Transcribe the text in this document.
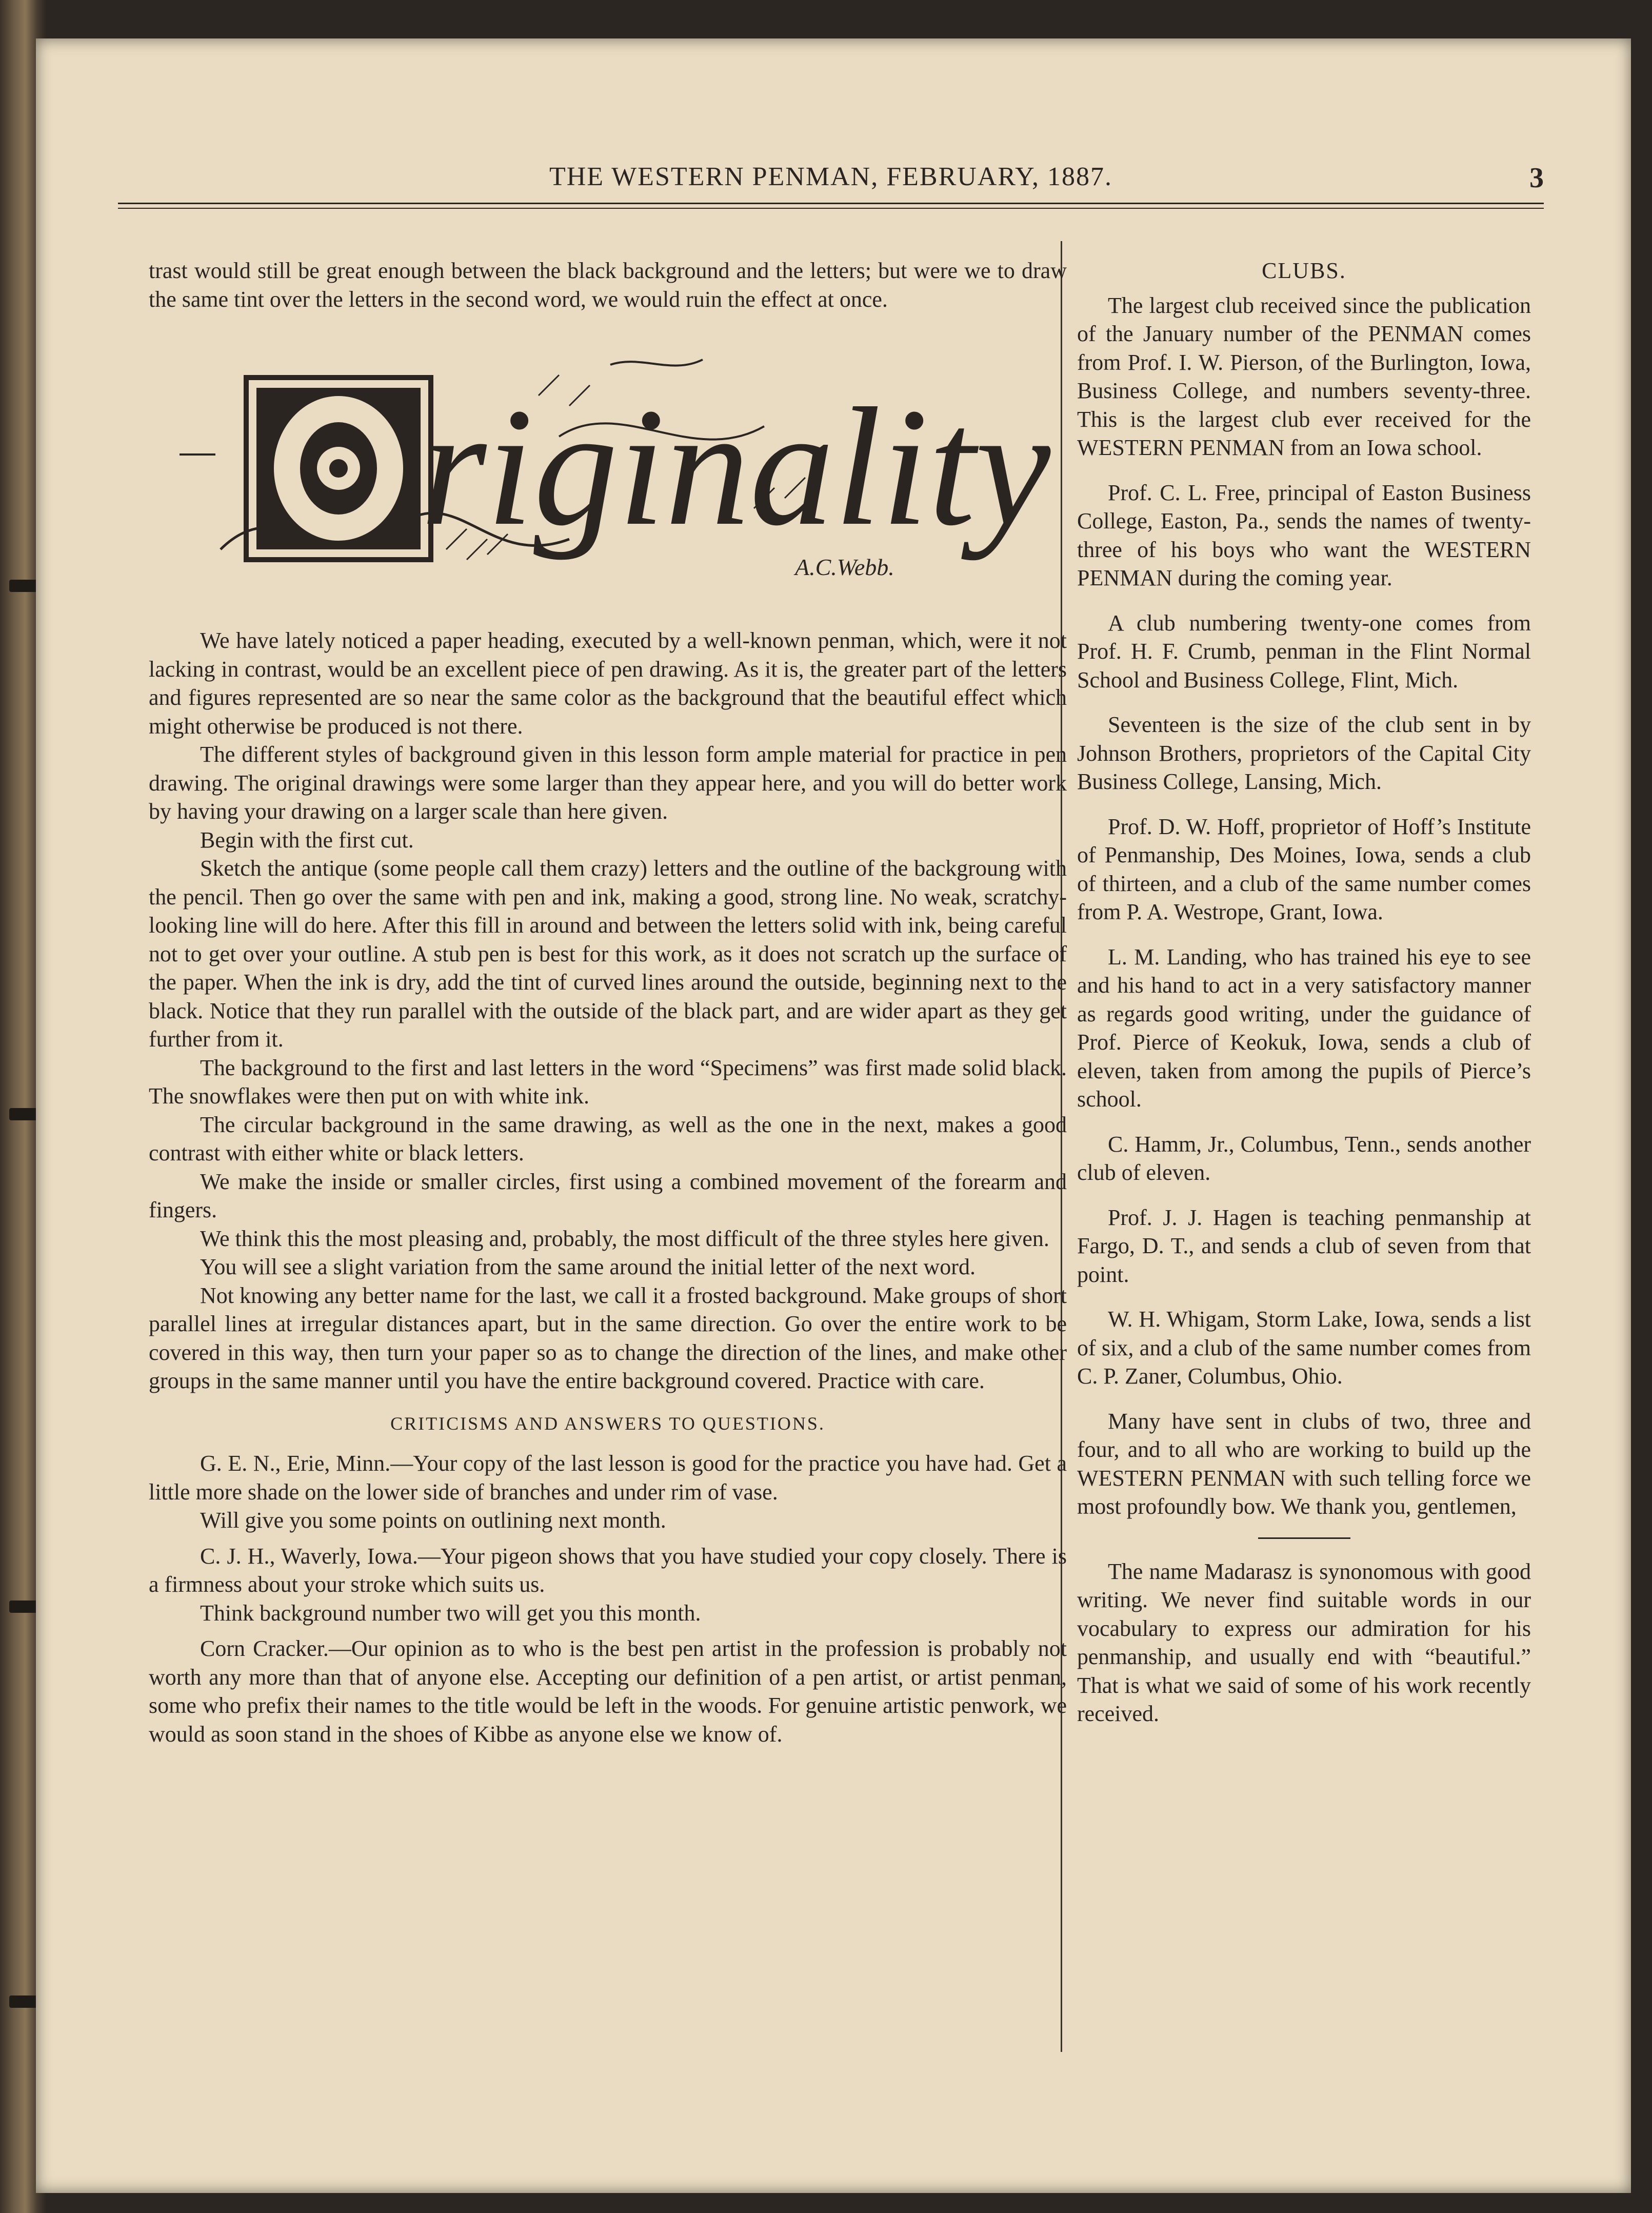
THE WESTERN PENMAN, FEBRUARY, 1887.	3

trast would still be great enough between the black background and the letters; but were we to draw the same tint over the letters in the second word, we would ruin the effect at once.

riginality
A.C.Webb.

We have lately noticed a paper heading, executed by a well-known penman, which, were it not lacking in contrast, would be an excellent piece of pen drawing. As it is, the greater part of the letters and figures represented are so near the same color as the background that the beautiful effect which might otherwise be produced is not there.

The different styles of background given in this lesson form ample material for practice in pen drawing. The original drawings were some larger than they appear here, and you will do better work by having your drawing on a larger scale than here given.

Begin with the first cut.

Sketch the antique (some people call them crazy) letters and the outline of the backgroung with the pencil. Then go over the same with pen and ink, making a good, strong line. No weak, scratchy-looking line will do here. After this fill in around and between the letters solid with ink, being careful not to get over your outline. A stub pen is best for this work, as it does not scratch up the surface of the paper. When the ink is dry, add the tint of curved lines around the outside, beginning next to the black. Notice that they run parallel with the outside of the black part, and are wider apart as they get further from it.

The background to the first and last letters in the word “Specimens” was first made solid black. The snowflakes were then put on with white ink.

The circular background in the same drawing, as well as the one in the next, makes a good contrast with either white or black letters.

We make the inside or smaller circles, first using a combined movement of the forearm and fingers.

We think this the most pleasing and, probably, the most difficult of the three styles here given.

You will see a slight variation from the same around the initial letter of the next word.

Not knowing any better name for the last, we call it a frosted background. Make groups of short parallel lines at irregular distances apart, but in the same direction. Go over the entire work to be covered in this way, then turn your paper so as to change the direction of the lines, and make other groups in the same manner until you have the entire background covered. Practice with care.

CRITICISMS AND ANSWERS TO QUESTIONS.

G. E. N., Erie, Minn.—Your copy of the last lesson is good for the practice you have had. Get a little more shade on the lower side of branches and under rim of vase.

Will give you some points on outlining next month.

C. J. H., Waverly, Iowa.—Your pigeon shows that you have studied your copy closely. There is a firmness about your stroke which suits us.

Think background number two will get you this month.

Corn Cracker.—Our opinion as to who is the best pen artist in the profession is probably not worth any more than that of anyone else. Accepting our definition of a pen artist, or artist penman, some who prefix their names to the title would be left in the woods. For genuine artistic penwork, we would as soon stand in the shoes of Kibbe as anyone else we know of.

CLUBS.

The largest club received since the publication of the January number of the PENMAN comes from Prof. I. W. Pierson, of the Burlington, Iowa, Business College, and numbers seventy-three. This is the largest club ever received for the WESTERN PENMAN from an Iowa school.

Prof. C. L. Free, principal of Easton Business College, Easton, Pa., sends the names of twenty-three of his boys who want the WESTERN PENMAN during the coming year.

A club numbering twenty-one comes from Prof. H. F. Crumb, penman in the Flint Normal School and Business College, Flint, Mich.

Seventeen is the size of the club sent in by Johnson Brothers, proprietors of the Capital City Business College, Lansing, Mich.

Prof. D. W. Hoff, proprietor of Hoff’s Institute of Penmanship, Des Moines, Iowa, sends a club of thirteen, and a club of the same number comes from P. A. Westrope, Grant, Iowa.

L. M. Landing, who has trained his eye to see and his hand to act in a very satisfactory manner as regards good writing, under the guidance of Prof. Pierce of Keokuk, Iowa, sends a club of eleven, taken from among the pupils of Pierce’s school.

C. Hamm, Jr., Columbus, Tenn., sends another club of eleven.

Prof. J. J. Hagen is teaching penmanship at Fargo, D. T., and sends a club of seven from that point.

W. H. Whigam, Storm Lake, Iowa, sends a list of six, and a club of the same number comes from C. P. Zaner, Columbus, Ohio.

Many have sent in clubs of two, three and four, and to all who are working to build up the WESTERN PENMAN with such telling force we most profoundly bow. We thank you, gentlemen,

The name Madarasz is synonomous with good writing. We never find suitable words in our vocabulary to express our admiration for his penmanship, and usually end with “beautiful.” That is what we said of some of his work recently received.
